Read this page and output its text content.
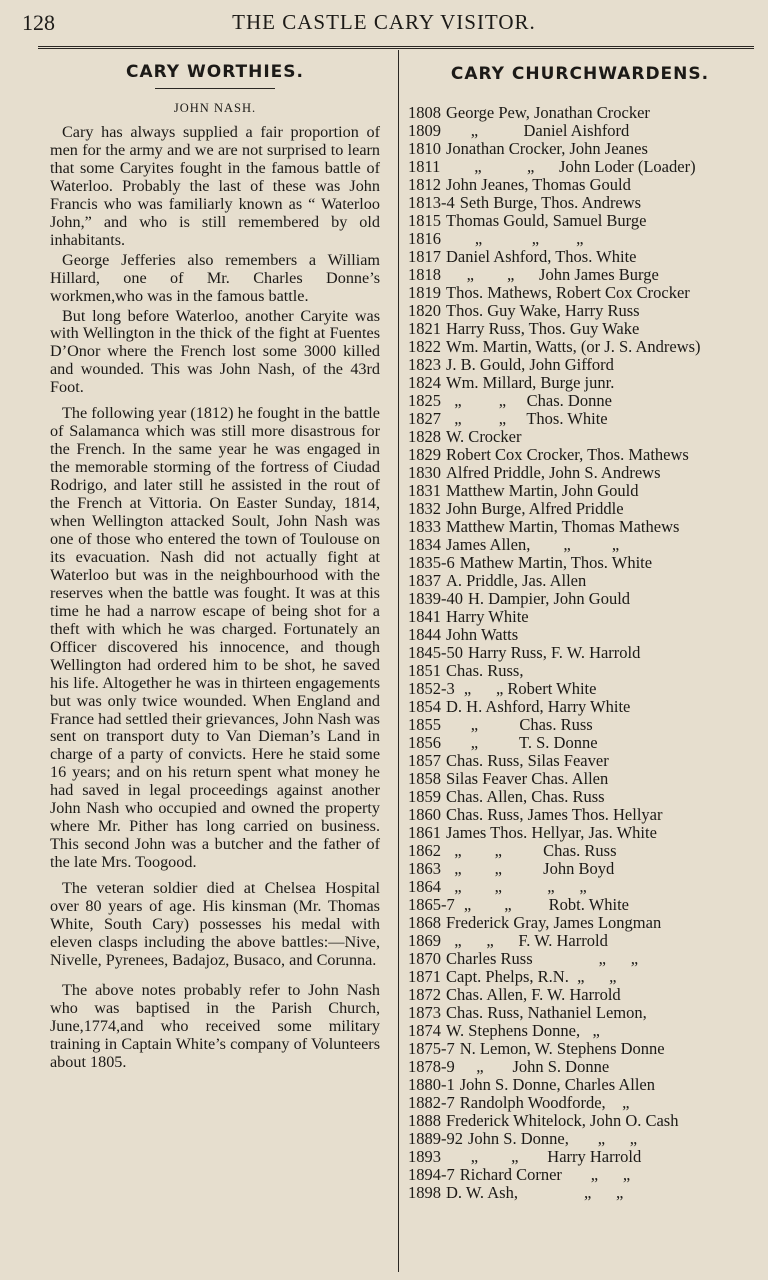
128	THE CASTLE CARY VISITOR.
CARY WORTHIES.
JOHN NASH.

Cary has always supplied a fair proportion of men for the army and we are not surprised to learn that some Caryites fought in the famous battle of Waterloo. Probably the last of these was John Francis who was familiarly known as “ Waterloo John,” and who is still remembered by old inhabitants.

George Jefferies also remembers a William Hillard, one of Mr. Charles Donne’s workmen,who was in the famous battle.

But long before Waterloo, another Caryite was with Wellington in the thick of the fight at Fuentes D’Onor where the French lost some 3000 killed and wounded. This was John Nash, of the 43rd Foot.

The following year (1812) he fought in the battle of Salamanca which was still more disastrous for the French. In the same year he was engaged in the memorable storming of the fortress of Ciudad Rodrigo, and later still he assisted in the rout of the French at Vittoria. On Easter Sunday, 1814, when Wellington attacked Soult, John Nash was one of those who entered the town of Toulouse on its evacuation. Nash did not actually fight at Waterloo but was in the neighbourhood with the reserves when the battle was fought. It was at this time he had a narrow escape of being shot for a theft with which he was charged. Fortunately an Officer discovered his innocence, and though Wellington had ordered him to be shot, he saved his life. Altogether he was in thirteen engagements but was only twice wounded. When England and France had settled their grievances, John Nash was sent on transport duty to Van Dieman’s Land in charge of a party of convicts. Here he staid some 16 years; and on his return spent what money he had saved in legal proceedings against another John Nash who occupied and owned the property where Mr. Pither has long carried on business. This second John was a butcher and the father of the late Mrs. Toogood.

The veteran soldier died at Chelsea Hospital over 80 years of age. His kinsman (Mr. Thomas White, South Cary) possesses his medal with eleven clasps including the above battles:—Nive, Nivelle, Pyrenees, Badajoz, Busaco, and Corunna.

The above notes probably refer to John Nash who was baptised in the Parish Church, June,1774,and who received some military training in Captain White’s company of Volunteers about 1805.

CARY CHURCHWARDENS.
1808 George Pew, Jonathan Crocker
1809 „           Daniel Aishford
1810 Jonathan Crocker, John Jeanes
1811 „           „      John Loder (Loader)
1812 John Jeanes, Thomas Gould
1813-4 Seth Burge, Thos. Andrews
1815 Thomas Gould, Samuel Burge
1816 „            „         „
1817 Daniel Ashford, Thos. White
1818 „        „      John James Burge
1819 Thos. Mathews, Robert Cox Crocker
1820 Thos. Guy Wake, Harry Russ
1821 Harry Russ, Thos. Guy Wake
1822 Wm. Martin, Watts, (or J. S. Andrews)
1823 J. B. Gould, John Gifford
1824 Wm. Millard, Burge junr.
1825 „         „     Chas. Donne
1827 „         „     Thos. White
1828 W. Crocker
1829 Robert Cox Crocker, Thos. Mathews
1830 Alfred Priddle, John S. Andrews
1831 Matthew Martin, John Gould
1832 John Burge, Alfred Priddle
1833 Matthew Martin, Thomas Mathews
1834 James Allen,        „          „
1835-6 Mathew Martin, Thos. White
1837 A. Priddle, Jas. Allen
1839-40 H. Dampier, John Gould
1841 Harry White
1844 John Watts
1845-50 Harry Russ, F. W. Harrold
1851 Chas. Russ,
1852-3 „      „ Robert White
1854 D. H. Ashford, Harry White
1855 „          Chas. Russ
1856 „          T. S. Donne
1857 Chas. Russ, Silas Feaver
1858 Silas Feaver Chas. Allen
1859 Chas. Allen, Chas. Russ
1860 Chas. Russ, James Thos. Hellyar
1861 James Thos. Hellyar, Jas. White
1862 „        „          Chas. Russ
1863 „        „          John Boyd
1864 „        „           „      „
1865-7 „        „         Robt. White
1868 Frederick Gray, James Longman
1869 „      „      F. W. Harrold
1870 Charles Russ                „      „
1871 Capt. Phelps, R.N.  „      „
1872 Chas. Allen, F. W. Harrold
1873 Chas. Russ, Nathaniel Lemon,
1874 W. Stephens Donne,   „
1875-7 N. Lemon, W. Stephens Donne
1878-9 „       John S. Donne
1880-1 John S. Donne, Charles Allen
1882-7 Randolph Woodforde,    „
1888 Frederick Whitelock, John O. Cash
1889-92 John S. Donne,       „      „
1893 „        „       Harry Harrold
1894-7 Richard Corner       „      „
1898 D. W. Ash,                „      „
